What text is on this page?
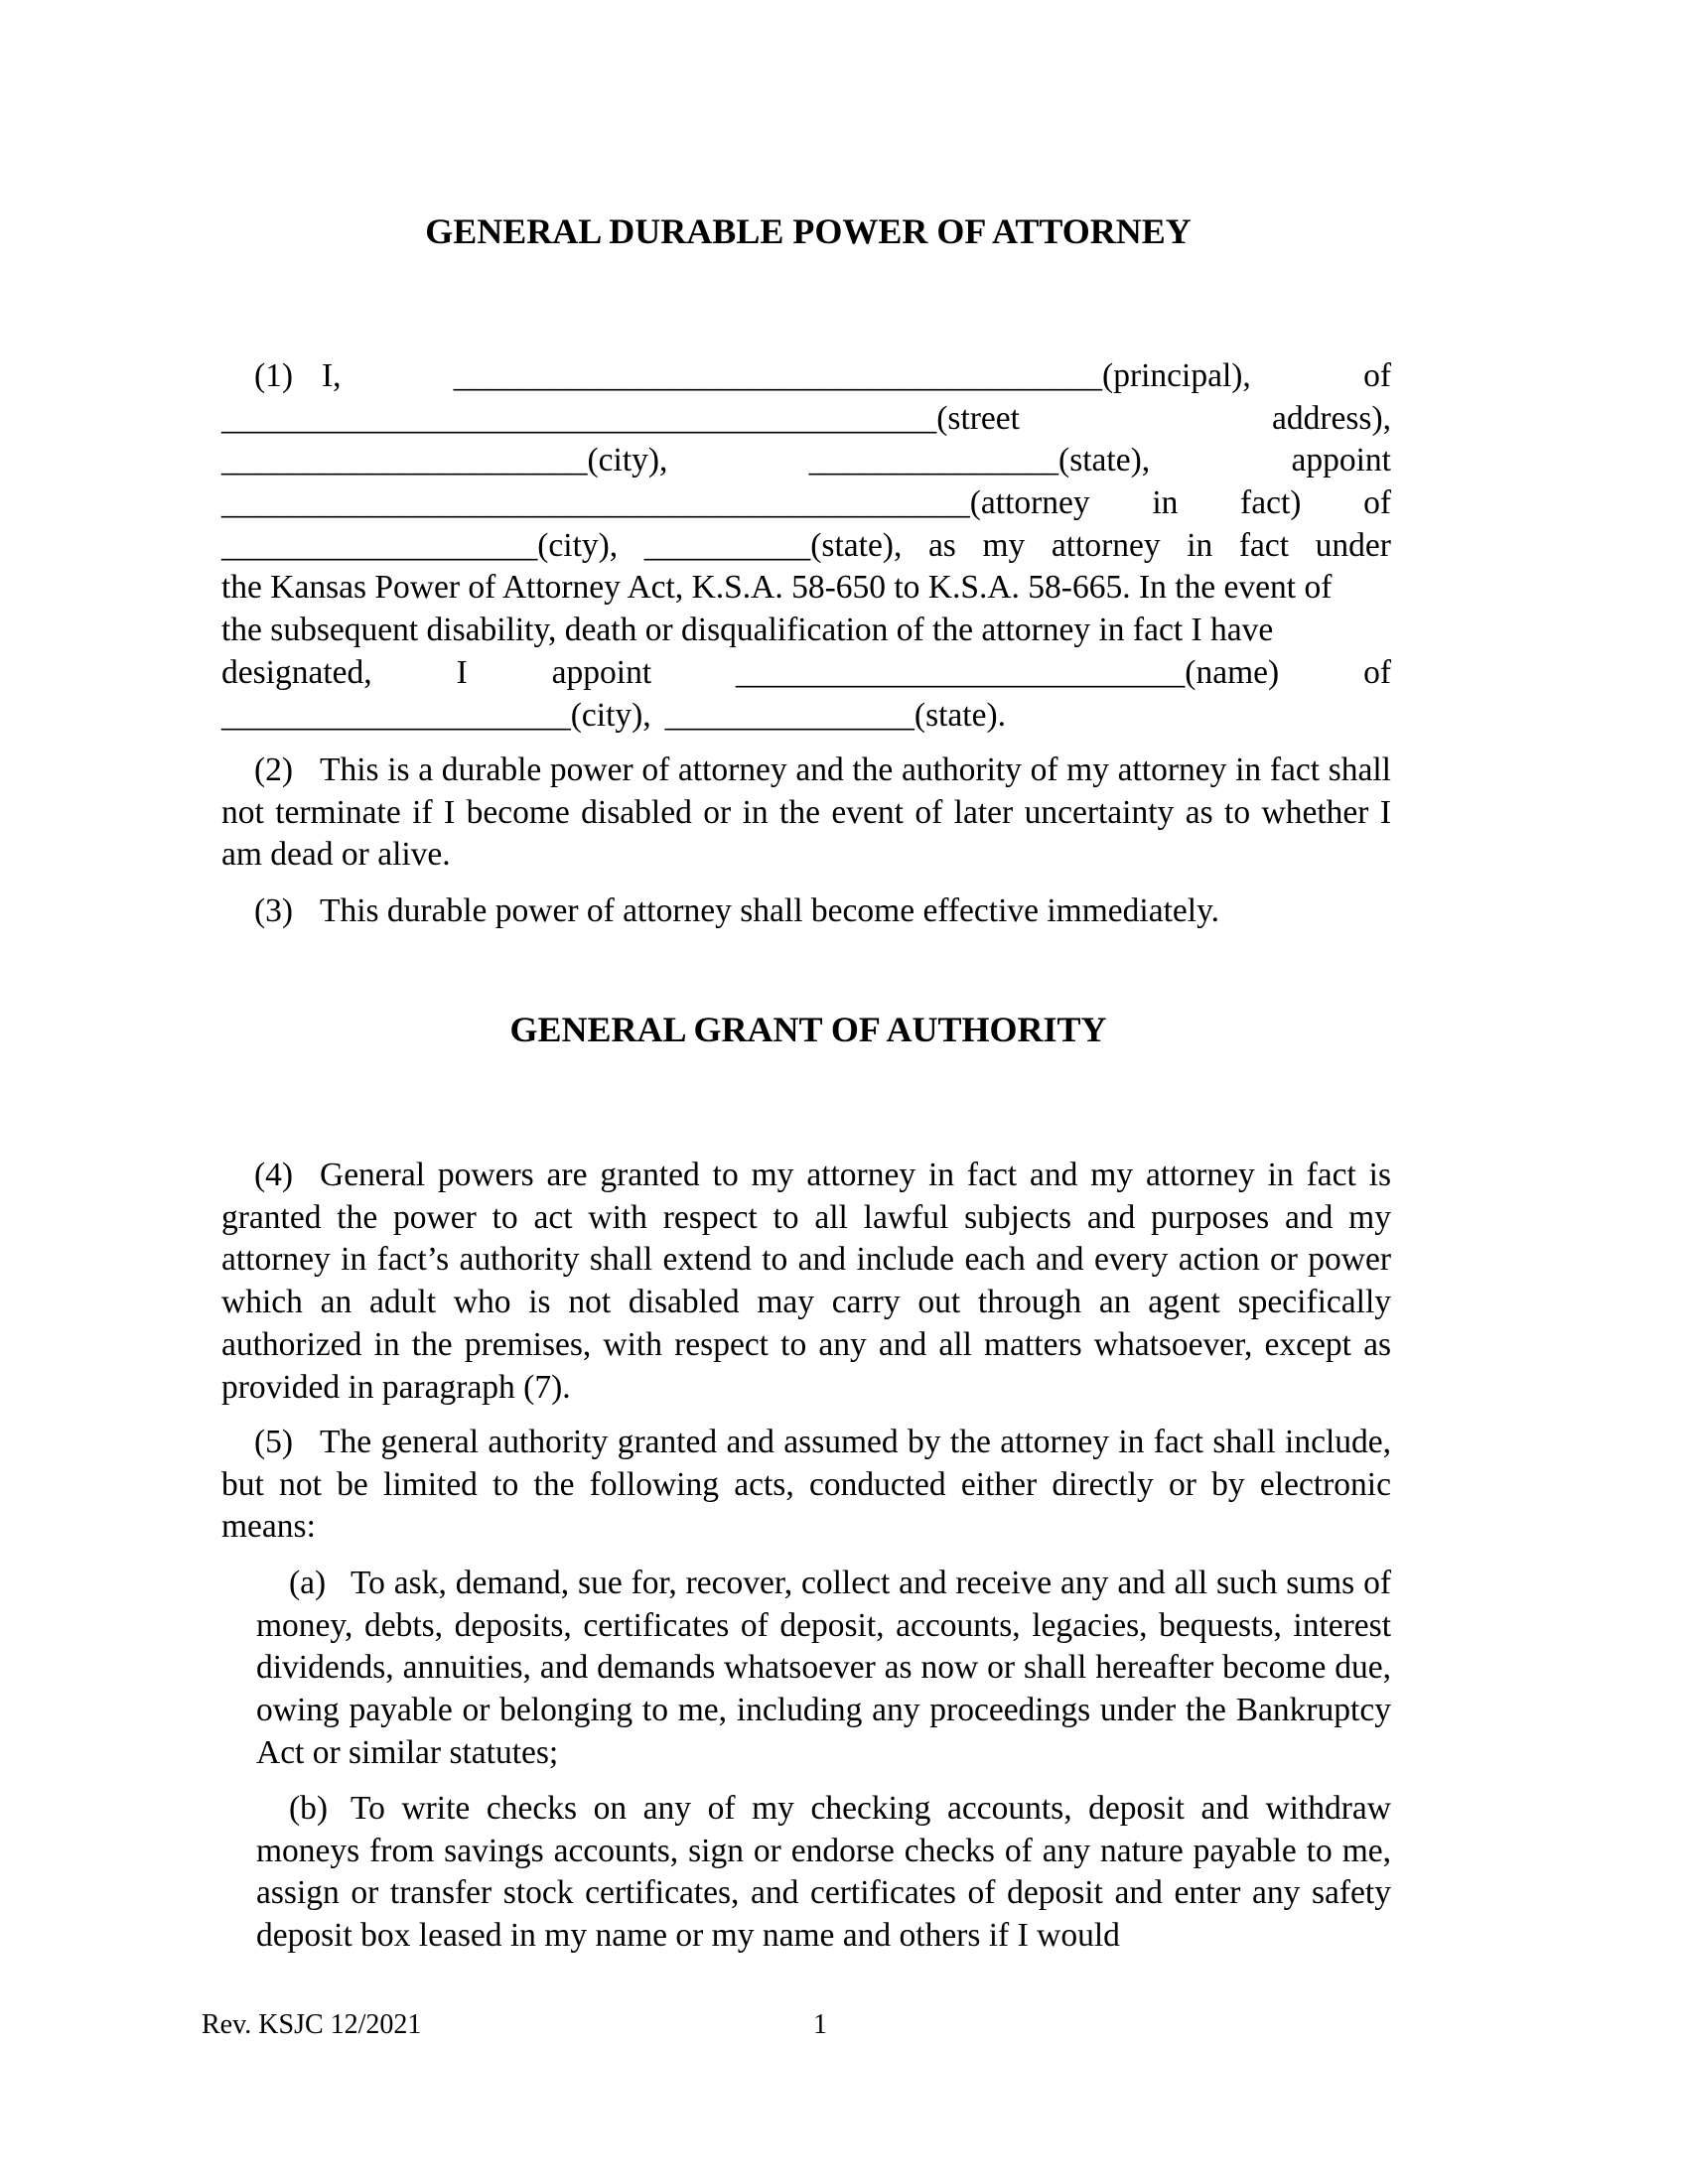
GENERAL DURABLE POWER OF ATTORNEY
(1) I,	_______________________________________(principal),	of
___________________________________________(street	address),
______________________(city),	_______________(state),	appoint
_____________________________________________(attorney in fact) of
___________________(city), __________(state), as my attorney in fact under
the Kansas Power of Attorney Act, K.S.A. 58-650 to K.S.A. 58-665. In the event of
the subsequent disability, death or disqualification of the attorney in fact I have
designated,	I	appoint	___________________________(name)	of
_____________________(city), _______________(state).

(2) This is a durable power of attorney and the authority of my attorney in fact shall not terminate if I become disabled or in the event of later uncertainty as to whether I am dead or alive.

(3) This durable power of attorney shall become effective immediately.

GENERAL GRANT OF AUTHORITY

(4) General powers are granted to my attorney in fact and my attorney in fact is granted the power to act with respect to all lawful subjects and purposes and my attorney in fact’s authority shall extend to and include each and every action or power which an adult who is not disabled may carry out through an agent specifically authorized in the premises, with respect to any and all matters whatsoever, except as provided in paragraph (7).

(5) The general authority granted and assumed by the attorney in fact shall include, but not be limited to the following acts, conducted either directly or by electronic means:

(a) To ask, demand, sue for, recover, collect and receive any and all such sums of money, debts, deposits, certificates of deposit, accounts, legacies, bequests, interest dividends, annuities, and demands whatsoever as now or shall hereafter become due, owing payable or belonging to me, including any proceedings under the Bankruptcy Act or similar statutes;

(b) To write checks on any of my checking accounts, deposit and withdraw moneys from savings accounts, sign or endorse checks of any nature payable to me, assign or transfer stock certificates, and certificates of deposit and enter any safety deposit box leased in my name or my name and others if I would

Rev. KSJC 12/2021	1
